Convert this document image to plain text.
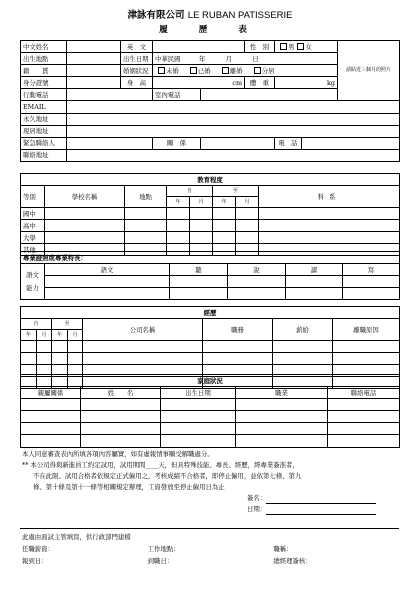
津詠有限公司 LE RUBAN PATISSERIE
履 歷 表
中文姓名		英　文			性　別	男 女		請貼近三個月的照片
出生地點		出生日期	中華民國 年 月 日					
籍　　貫		婚姻狀況	未婚 已婚 離婚 分居					
身分證號		身　高	cm		體　重	kg		
行動電話			室內電話					
EMAIL								
永久地址								
現居地址								
緊急聯絡人			關　係			電　話		
聯絡地址								
教育程度							
等別	學校名稱	地點	自		至		科系
			年	月	年	月	
國中							
高中							
大學							
其他							
專業證照或專業特長：					
語文
能力	語文	聽	說	讀	寫

經歷							
自		至		公司名稱	職務	薪給	離職原因
年	月	年	月				

家庭狀況				
親屬關係	姓　　名	出生日期	職業	聯絡電話

本人同意審查表內所填各項內容屬實，如有虛報情事願受解職處分。
** 本公司得與新進員工約定試用，試用期間____天，但具特殊技能、專長、經歷，經專業簽准者，
不在此限。試用合格者依規定正式僱用之，考核成績不合格者，即停止僱用，並依第七條、第九
條、第十條及第十一條等相關規定辦理，工資發放至停止僱用日為止
簽名：
日期：
此處由面試主管填寫，供行政部門建檔
任職薪資：	工作地點：	職稱：
報到日：	到職日：	總經理簽核：
